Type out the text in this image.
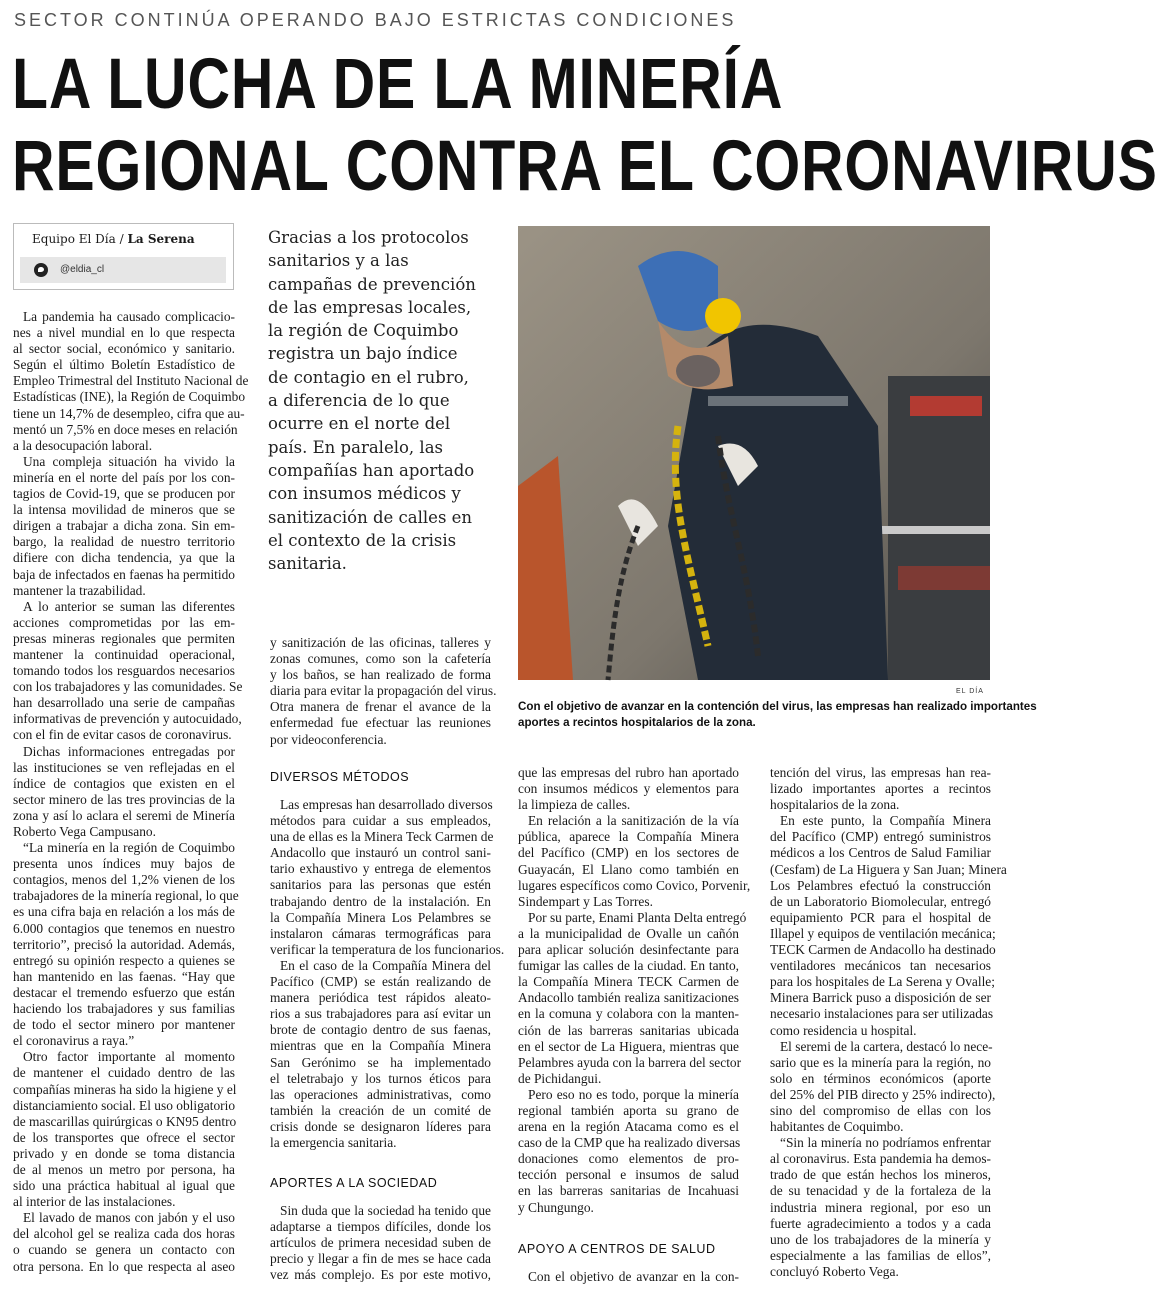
SECTOR CONTINÚA OPERANDO BAJO ESTRICTAS CONDICIONES
LA LUCHA DE LA MINERÍA
REGIONAL CONTRA EL CORONAVIRUS
Equipo El Día / La Serena
@eldia_cl
Gracias a los protocolos
sanitarios y a las
campañas de prevención
de las empresas locales,
la región de Coquimbo
registra un bajo índice
de contagio en el rubro,
a diferencia de lo que
ocurre en el norte del
país. En paralelo, las
compañías han aportado
con insumos médicos y
sanitización de calles en
el contexto de la crisis
sanitaria.
EL DÍA
Con el objetivo de avanzar en la contención del virus, las empresas han realizado importantes
aportes a recintos hospitalarios de la zona.
La pandemia ha causado complicacio-
nes a nivel mundial en lo que respecta
al sector social, económico y sanitario.
Según el último Boletín Estadístico de
Empleo Trimestral del Instituto Nacional de
Estadísticas (INE), la Región de Coquimbo
tiene un 14,7% de desempleo, cifra que au-
mentó un 7,5% en doce meses en relación
a la desocupación laboral.
Una compleja situación ha vivido la
minería en el norte del país por los con-
tagios de Covid-19, que se producen por
la intensa movilidad de mineros que se
dirigen a trabajar a dicha zona. Sin em-
bargo, la realidad de nuestro territorio
difiere con dicha tendencia, ya que la
baja de infectados en faenas ha permitido
mantener la trazabilidad.
A lo anterior se suman las diferentes
acciones comprometidas por las em-
presas mineras regionales que permiten
mantener la continuidad operacional,
tomando todos los resguardos necesarios
con los trabajadores y las comunidades. Se
han desarrollado una serie de campañas
informativas de prevención y autocuidado,
con el fin de evitar casos de coronavirus.
Dichas informaciones entregadas por
las instituciones se ven reflejadas en el
índice de contagios que existen en el
sector minero de las tres provincias de la
zona y así lo aclara el seremi de Minería
Roberto Vega Campusano.
“La minería en la región de Coquimbo
presenta unos índices muy bajos de
contagios, menos del 1,2% vienen de los
trabajadores de la minería regional, lo que
es una cifra baja en relación a los más de
6.000 contagios que tenemos en nuestro
territorio”, precisó la autoridad. Además,
entregó su opinión respecto a quienes se
han mantenido en las faenas. “Hay que
destacar el tremendo esfuerzo que están
haciendo los trabajadores y sus familias
de todo el sector minero por mantener
el coronavirus a raya.”
Otro factor importante al momento
de mantener el cuidado dentro de las
compañías mineras ha sido la higiene y el
distanciamiento social. El uso obligatorio
de mascarillas quirúrgicas o KN95 dentro
de los transportes que ofrece el sector
privado y en donde se toma distancia
de al menos un metro por persona, ha
sido una práctica habitual al igual que
al interior de las instalaciones.
El lavado de manos con jabón y el uso
del alcohol gel se realiza cada dos horas
o cuando se genera un contacto con
otra persona. En lo que respecta al aseo
y sanitización de las oficinas, talleres y
zonas comunes, como son la cafetería
y los baños, se han realizado de forma
diaria para evitar la propagación del virus.
Otra manera de frenar el avance de la
enfermedad fue efectuar las reuniones
por videoconferencia.
DIVERSOS MÉTODOS
Las empresas han desarrollado diversos
métodos para cuidar a sus empleados,
una de ellas es la Minera Teck Carmen de
Andacollo que instauró un control sani-
tario exhaustivo y entrega de elementos
sanitarios para las personas que estén
trabajando dentro de la instalación. En
la Compañía Minera Los Pelambres se
instalaron cámaras termográficas para
verificar la temperatura de los funcionarios.
En el caso de la Compañía Minera del
Pacífico (CMP) se están realizando de
manera periódica test rápidos aleato-
rios a sus trabajadores para así evitar un
brote de contagio dentro de sus faenas,
mientras que en la Compañía Minera
San Gerónimo se ha implementado
el teletrabajo y los turnos éticos para
las operaciones administrativas, como
también la creación de un comité de
crisis donde se designaron líderes para
la emergencia sanitaria.
APORTES A LA SOCIEDAD
Sin duda que la sociedad ha tenido que
adaptarse a tiempos difíciles, donde los
artículos de primera necesidad suben de
precio y llegar a fin de mes se hace cada
vez más complejo. Es por este motivo,
que las empresas del rubro han aportado
con insumos médicos y elementos para
la limpieza de calles.
En relación a la sanitización de la vía
pública, aparece la Compañía Minera
del Pacífico (CMP) en los sectores de
Guayacán, El Llano como también en
lugares específicos como Covico, Porvenir,
Sindempart y Las Torres.
Por su parte, Enami Planta Delta entregó
a la municipalidad de Ovalle un cañón
para aplicar solución desinfectante para
fumigar las calles de la ciudad. En tanto,
la Compañía Minera TECK Carmen de
Andacollo también realiza sanitizaciones
en la comuna y colabora con la manten-
ción de las barreras sanitarias ubicada
en el sector de La Higuera, mientras que
Pelambres ayuda con la barrera del sector
de Pichidangui.
Pero eso no es todo, porque la minería
regional también aporta su grano de
arena en la región Atacama como es el
caso de la CMP que ha realizado diversas
donaciones como elementos de pro-
tección personal e insumos de salud
en las barreras sanitarias de Incahuasi
y Chungungo.
APOYO A CENTROS DE SALUD
Con el objetivo de avanzar en la con-
tención del virus, las empresas han rea-
lizado importantes aportes a recintos
hospitalarios de la zona.
En este punto, la Compañía Minera
del Pacífico (CMP) entregó suministros
médicos a los Centros de Salud Familiar
(Cesfam) de La Higuera y San Juan; Minera
Los Pelambres efectuó la construcción
de un Laboratorio Biomolecular, entregó
equipamiento PCR para el hospital de
Illapel y equipos de ventilación mecánica;
TECK Carmen de Andacollo ha destinado
ventiladores mecánicos tan necesarios
para los hospitales de La Serena y Ovalle;
Minera Barrick puso a disposición de ser
necesario instalaciones para ser utilizadas
como residencia u hospital.
El seremi de la cartera, destacó lo nece-
sario que es la minería para la región, no
solo en términos económicos (aporte
del 25% del PIB directo y 25% indirecto),
sino del compromiso de ellas con los
habitantes de Coquimbo.
“Sin la minería no podríamos enfrentar
al coronavirus. Esta pandemia ha demos-
trado de que están hechos los mineros,
de su tenacidad y de la fortaleza de la
industria minera regional, por eso un
fuerte agradecimiento a todos y a cada
uno de los trabajadores de la minería y
especialmente a las familias de ellos”,
concluyó Roberto Vega.
